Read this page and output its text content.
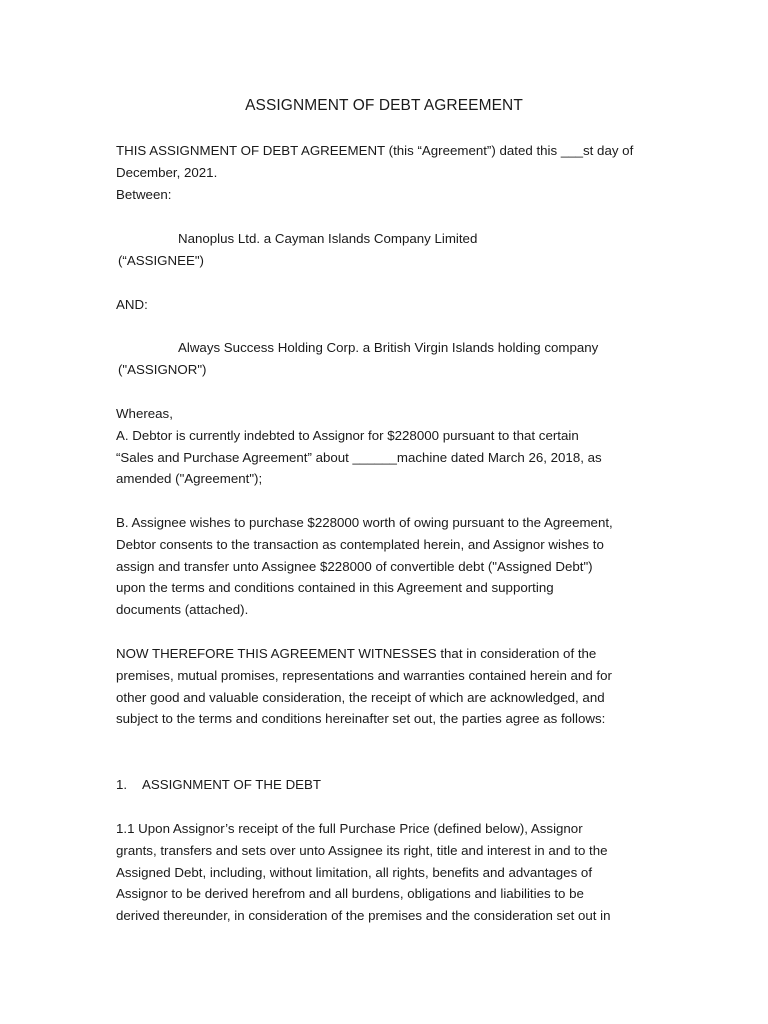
ASSIGNMENT OF DEBT AGREEMENT
THIS ASSIGNMENT OF DEBT AGREEMENT (this “Agreement”) dated this ___st day of
December, 2021.
Between:
Nanoplus Ltd. a Cayman Islands Company Limited
(“ASSIGNEE")
AND:
Always Success Holding Corp. a British Virgin Islands holding company
("ASSIGNOR")
Whereas,
A. Debtor is currently indebted to Assignor for $228000 pursuant to that certain
“Sales and Purchase Agreement” about ______machine dated March 26, 2018, as
amended ("Agreement");
B. Assignee wishes to purchase $228000 worth of owing pursuant to the Agreement,
Debtor consents to the transaction as contemplated herein, and Assignor wishes to
assign and transfer unto Assignee $228000 of convertible debt ("Assigned Debt")
upon the terms and conditions contained in this Agreement and supporting
documents (attached).
NOW THEREFORE THIS AGREEMENT WITNESSES that in consideration of the
premises, mutual promises, representations and warranties contained herein and for
other good and valuable consideration, the receipt of which are acknowledged, and
subject to the terms and conditions hereinafter set out, the parties agree as follows:
1. ASSIGNMENT OF THE DEBT
1.1 Upon Assignor’s receipt of the full Purchase Price (defined below), Assignor
grants, transfers and sets over unto Assignee its right, title and interest in and to the
Assigned Debt, including, without limitation, all rights, benefits and advantages of
Assignor to be derived herefrom and all burdens, obligations and liabilities to be
derived thereunder, in consideration of the premises and the consideration set out in
